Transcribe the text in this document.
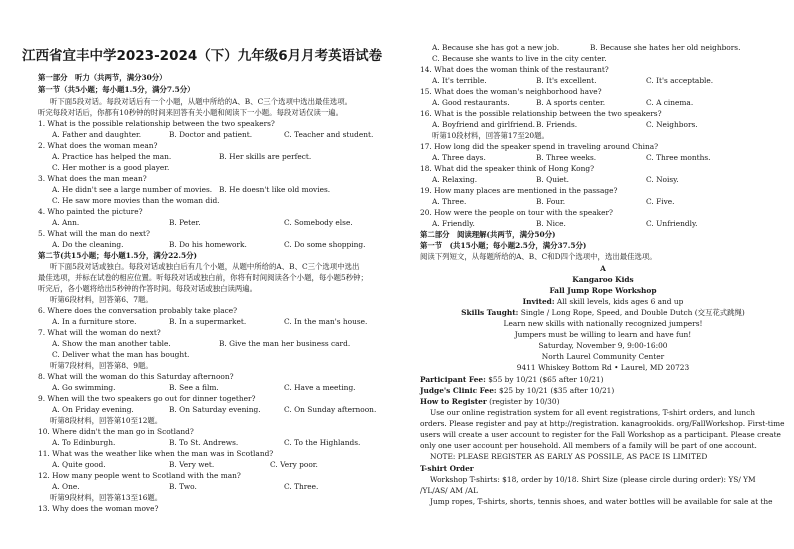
江西省宜丰中学2023-2024（下）九年级6月月考英语试卷
第一部分　听力（共两节，满分30分）
第一节（共5小题；每小题1.5分，满分7.5分）
听下面5段对话。每段对话后有一个小题，从题中所给的A、B、C三个选项中选出最佳选项。
听完每段对话后，你都有10秒钟的时间来回答有关小题和阅读下一小题。每段对话仅读一遍。
1. What is the possible relationship between the two speakers?
A. Father and daughter.	B. Doctor and patient.	C. Teacher and student.
2. What does the woman mean?
A. Practice has helped the man.	B. Her skills are perfect.
C. Her mother is a good player.
3. What does the man mean?
A. He didn't see a large number of movies. B. He doesn't like old movies.
C. He saw more movies than the woman did.
4. Who painted the picture?
A. Ann.	B. Peter.	C. Somebody else.
5. What will the man do next?
A. Do the cleaning.	B. Do his homework.	C. Do some shopping.
第二节(共15小题；每小题1.5分，满分22.5分)
听下面5段对话或独白。每段对话或独白后有几个小题，从题中所给的A、B、C三个选项中选出
最佳选项，并标在试卷的相应位置。听每段对话或独白前，你将有时间阅读各个小题，每小题5秒钟；
听完后，各小题将给出5秒钟的作答时间。每段对话或独白读两遍。
听第6段材料，回答第6、7题。
6. Where does the conversation probably take place?
A. In a furniture store.	B. In a supermarket.	C. In the man's house.
7. What will the woman do next?
A. Show the man another table.	B. Give the man her business card.
C. Deliver what the man has bought.
听第7段材料，回答第8、9题。
8. What will the woman do this Saturday afternoon?
A. Go swimming.	B. See a film.	C. Have a meeting.
9. When will the two speakers go out for dinner together?
A. On Friday evening.	B. On Saturday evening.	C. On Sunday afternoon.
听第8段材料，回答第10至12题。
10. Where didn't the man go in Scotland?
A. To Edinburgh.	B. To St. Andrews.	C. To the Highlands.
11. What was the weather like when the man was in Scotland?
A. Quite good.	B. Very wet.	C. Very poor.
12. How many people went to Scotland with the man?
A. One.	B. Two.	C. Three.
听第9段材料，回答第13至16题。
13. Why does the woman move?
A. Because she has got a new job.	B. Because she hates her old neighbors.
C. Because she wants to live in the city center.
14. What does the woman think of the restaurant?
A. It's terrible.	B. It's excellent.	C. It's acceptable.
15. What does the woman's neighborhood have?
A. Good restaurants.	B. A sports center.	C. A cinema.
16. What is the possible relationship between the two speakers?
A. Boyfriend and girlfriend. B. Friends.	C. Neighbors.
听第10段材料，回答第17至20题。
17. How long did the speaker spend in traveling around China?
A. Three days.	B. Three weeks.	C. Three months.
18. What did the speaker think of Hong Kong?
A. Relaxing.	B. Quiet.	C. Noisy.
19. How many places are mentioned in the passage?
A. Three.	B. Four.	C. Five.
20. How were the people on tour with the speaker?
A. Friendly.	B. Nice.	C. Unfriendly.
第二部分　阅读理解(共两节，满分50分)
第一节　(共15小题；每小题2.5分，满分37.5分)
阅读下列短文，从每题所给的A、B、C和D四个选项中，选出最佳选项。
A
Kangaroo Kids
Fall Jump Rope Workshop
Invited: All skill levels, kids ages 6 and up
Skills Taught: Single / Long Rope, Speed, and Double Dutch (交互花式跳绳)
Learn new skills with nationally recognized jumpers!
Jumpers must be willing to learn and have fun!
Saturday, November 9, 9:00-16:00
North Laurel Community Center
9411 Whiskey Bottom Rd • Laurel, MD 20723
Participant Fee: $55 by 10/21 ($65 after 10/21)
Judge's Clinic Fee: $25 by 10/21 ($35 after 10/21)
How to Register (register by 10/30)
Use our online registration system for all event registrations, T-shirt orders, and lunch
orders. Please register and pay at http://registration. kanagrookids. org/FallWorkshop. First-time
users will create a user account to register for the Fall Workshop as a participant. Please create
only one user account per household. All members of a family will be part of one account.
NOTE: PLEASE REGISTER AS EARLY AS POSSILE, AS PACE IS LIMITED
T-shirt Order
Workshop T-shirts: $18, order by 10/18. Shirt Size (please circle during order): YS/ YM
/YL/AS/ AM /AL
Jump ropes, T-shirts, shorts, tennis shoes, and water bottles will be available for sale at the
